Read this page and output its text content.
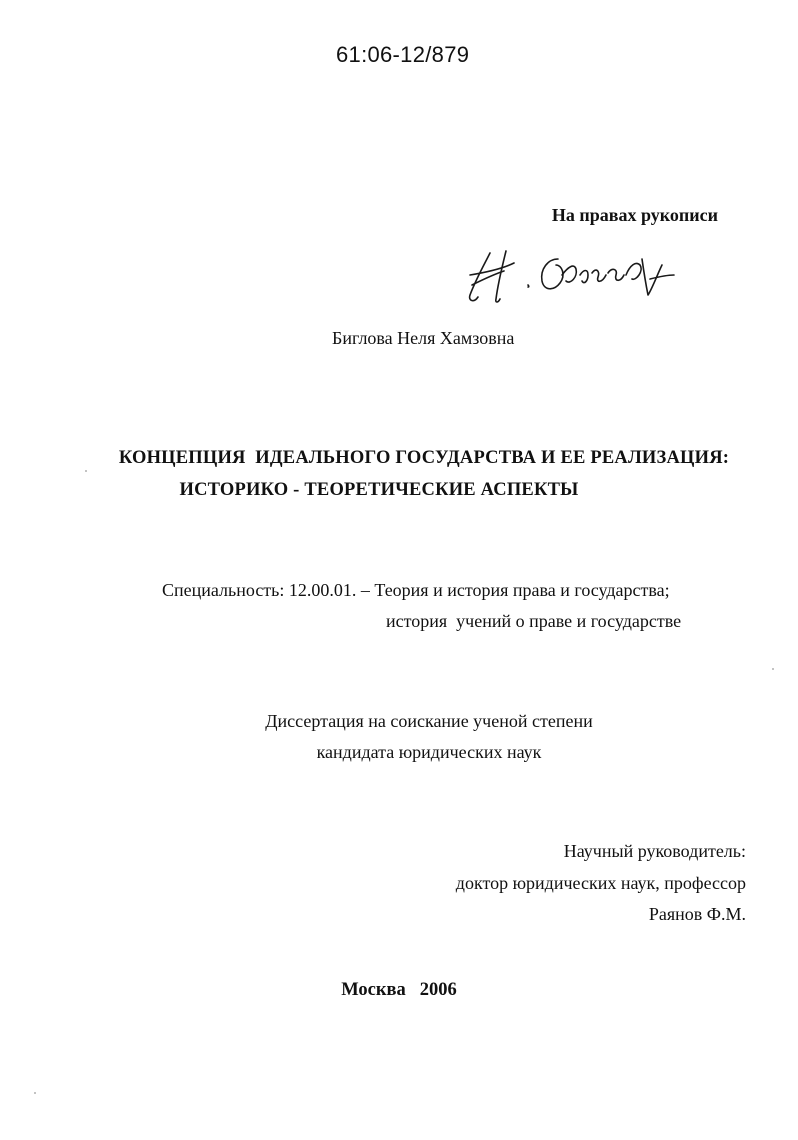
61:06-12/879
На правах рукописи
Биглова Неля Хамзовна
КОНЦЕПЦИЯ  ИДЕАЛЬНОГО ГОСУДАРСТВА И ЕЕ РЕАЛИЗАЦИЯ:
ИСТОРИКО - ТЕОРЕТИЧЕСКИЕ АСПЕКТЫ
Специальность: 12.00.01. – Теория и история права и государства;
история  учений о праве и государстве
Диссертация на соискание ученой степени
кандидата юридических наук
Научный руководитель:
доктор юридических наук, профессор
Раянов Ф.М.
Москва 2006
